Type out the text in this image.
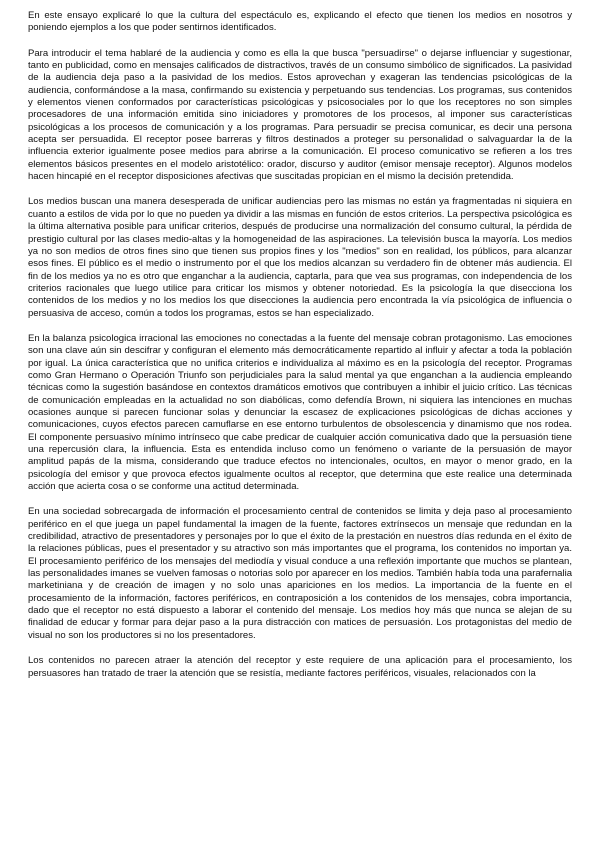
En este ensayo explicaré lo que la cultura del espectáculo es, explicando el efecto que tienen los medios en nosotros y poniendo ejemplos a los que poder sentirnos identificados.

Para introducir el tema hablaré de la audiencia y como es ella la que busca "persuadirse" o dejarse influenciar y sugestionar, tanto en publicidad, como en mensajes calificados de distractivos, través de un consumo simbólico de significados. La pasividad de la audiencia deja paso a la pasividad de los medios. Estos aprovechan y exageran las tendencias psicológicas de la audiencia, conformándose a la masa, confirmando su existencia y perpetuando sus tendencias. Los programas, sus contenidos y elementos vienen conformados por características psicológicas y psicosociales por lo que los receptores no son simples procesadores de una información emitida sino iniciadores y promotores de los procesos, al imponer sus características psicológicas a los procesos de comunicación y a los programas. Para persuadir se precisa comunicar, es decir una persona acepta ser persuadida. El receptor posee barreras y filtros destinados a proteger su personalidad o salvaguardar la de la influencia exterior igualmente posee medios para abrirse a la comunicación. El proceso comunicativo se refieren a los tres elementos básicos presentes en el modelo aristotélico: orador, discurso y auditor (emisor mensaje receptor). Algunos modelos hacen hincapié en el receptor disposiciones afectivas que suscitadas propician en el mismo la decisión pretendida.

Los medios buscan una manera desesperada de unificar audiencias pero las mismas no están ya fragmentadas ni siquiera en cuanto a estilos de vida por lo que no pueden ya dividir a las mismas en función de estos criterios. La perspectiva psicológica es la última alternativa posible para unificar criterios, después de producirse una normalización del consumo cultural, la pérdida de prestigio cultural por las clases medio-altas y la homogeneidad de las aspiraciones. La televisión busca la mayoría. Los medios ya no son medios de otros fines sino que tienen sus propios fines y los "medios" son en realidad, los públicos, para alcanzar esos fines. El público es el medio o instrumento por el que los medios alcanzan su verdadero fin de obtener más audiencia. El fin de los medios ya no es otro que enganchar a la audiencia, captarla, para que vea sus programas, con independencia de los criterios racionales que luego utilice para criticar los mismos y obtener notoriedad. Es la psicología la que disecciona los contenidos de los medios y no los medios los que disecciones la audiencia pero encontrada la vía psicológica de influencia o persuasiva de acceso, común a todos los programas, estos se han especializado.

En la balanza psicologica irracional las emociones no conectadas a la fuente del mensaje cobran protagonismo. Las emociones son una clave aún sin descifrar y configuran el elemento más democráticamente repartido al influir y afectar a toda la población por igual. La única característica que no unifica criterios e individualiza al máximo es en la psicología del receptor. Programas como Gran Hermano o Operación Triunfo son perjudiciales para la salud mental ya que enganchan a la audiencia empleando técnicas como la sugestión basándose en contextos dramáticos emotivos que contribuyen a inhibir el juicio crítico. Las técnicas de comunicación empleadas en la actualidad no son diabólicas, como defendía Brown, ni siquiera las intenciones en muchas ocasiones aunque si parecen funcionar solas y denunciar la escasez de explicaciones psicológicas de dichas acciones y comunicaciones, cuyos efectos parecen camuflarse en ese entorno turbulentos de obsolescencia y dinamismo que nos rodea. El componente persuasivo mínimo intrínseco que cabe predicar de cualquier acción comunicativa dado que la persuasión tiene una repercusión clara, la influencia. Esta es entendida incluso como un fenómeno o variante de la persuasión de mayor amplitud papás de la misma, considerando que traduce efectos no intencionales, ocultos, en mayor o menor grado, en la psicología del emisor y que provoca efectos igualmente ocultos al receptor, que determina que este realice una determinada acción que acierta cosa o se conforme una actitud determinada.

En una sociedad sobrecargada de información el procesamiento central de contenidos se limita y deja paso al procesamiento periférico en el que juega un papel fundamental la imagen de la fuente, factores extrínsecos un mensaje que redundan en la credibilidad, atractivo de presentadores y personajes por lo que el éxito de la prestación en nuestros días redunda en el éxito de la relaciones públicas, pues el presentador y su atractivo son más importantes que el programa, los contenidos no importan ya. El procesamiento periférico de los mensajes del mediodía y visual conduce a una reflexión importante que muchos se plantean, las personalidades imanes se vuelven famosas o notorias solo por aparecer en los medios. También había toda una parafernalia marketiniana y de creación de imagen y no solo unas apariciones en los medios. La importancia de la fuente en el procesamiento de la información, factores periféricos, en contraposición a los contenidos de los mensajes, cobra importancia, dado que el receptor no está dispuesto a laborar el contenido del mensaje. Los medios hoy más que nunca se alejan de su finalidad de educar y formar para dejar paso a la pura distracción con matices de persuasión. Los protagonistas del medio de visual no son los productores si no los presentadores.

Los contenidos no parecen atraer la atención del receptor y este requiere de una aplicación para el procesamiento, los persuasores han tratado de traer la atención que se resistía, mediante factores periféricos, visuales, relacionados con la
